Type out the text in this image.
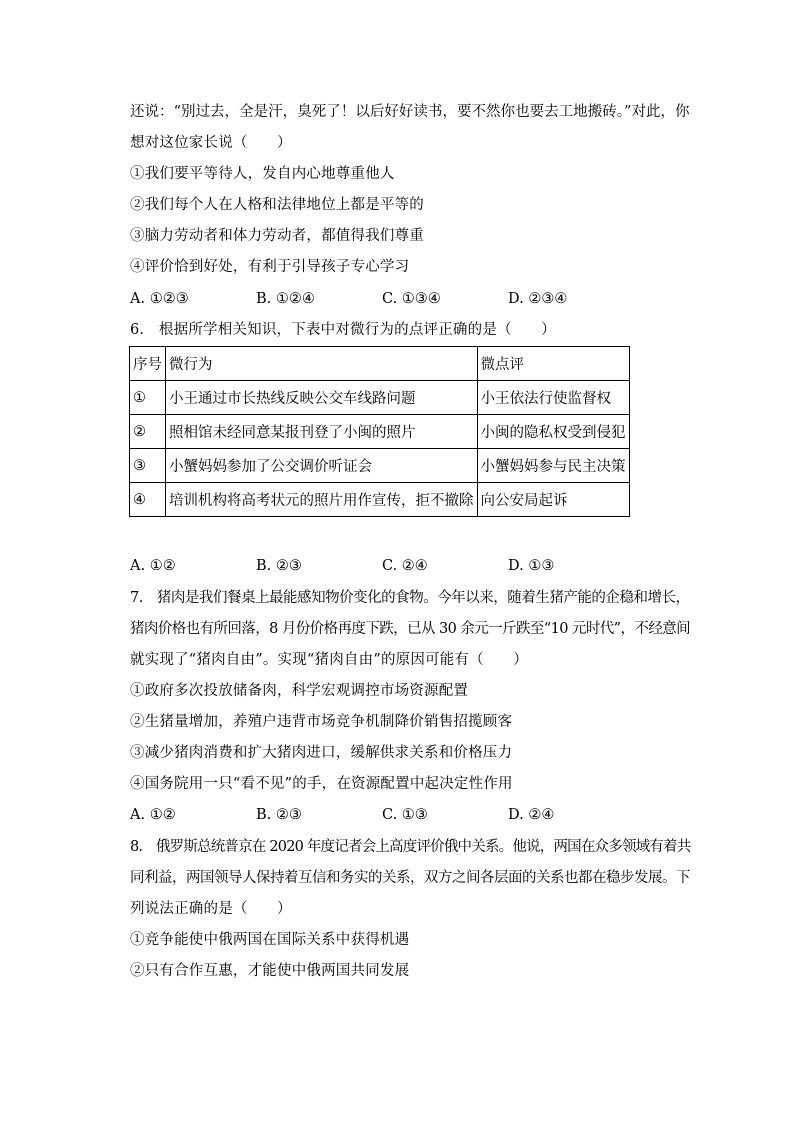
还说：“别过去，全是汗，臭死了！以后好好读书，要不然你也要去工地搬砖。”对此，你
想对这位家长说（　　）
①我们要平等待人，发自内心地尊重他人
②我们每个人在人格和法律地位上都是平等的
③脑力劳动者和体力劳动者，都值得我们尊重
④评价恰到好处，有利于引导孩子专心学习
A. ①②③	B. ①②④	C. ①③④	D. ②③④
6.　根据所学相关知识，下表中对微行为的点评正确的是（　　）
序号	微行为	微点评
①	小王通过市长热线反映公交车线路问题	小王依法行使监督权
②	照相馆未经同意某报刊登了小闽的照片	小闽的隐私权受到侵犯
③	小蟹妈妈参加了公交调价听证会	小蟹妈妈参与民主决策
④	培训机构将高考状元的照片用作宣传，拒不撤除	向公安局起诉
A. ①②	B. ②③	C. ②④	D. ①③
7.　猪肉是我们餐桌上最能感知物价变化的食物。今年以来，随着生猪产能的企稳和增长，
猪肉价格也有所回落，8 月份价格再度下跌，已从 30 余元一斤跌至“10 元时代”，不经意间
就实现了“猪肉自由”。实现“猪肉自由”的原因可能有（　　）
①政府多次投放储备肉，科学宏观调控市场资源配置
②生猪量增加，养殖户违背市场竞争机制降价销售招揽顾客
③减少猪肉消费和扩大猪肉进口，缓解供求关系和价格压力
④国务院用一只“看不见”的手，在资源配置中起决定性作用
A. ①②	B. ②③	C. ①③	D. ②④
8.　俄罗斯总统普京在 2020 年度记者会上高度评价俄中关系。他说，两国在众多领域有着共
同利益，两国领导人保持着互信和务实的关系，双方之间各层面的关系也都在稳步发展。下
列说法正确的是（　　）
①竞争能使中俄两国在国际关系中获得机遇
②只有合作互惠，才能使中俄两国共同发展
